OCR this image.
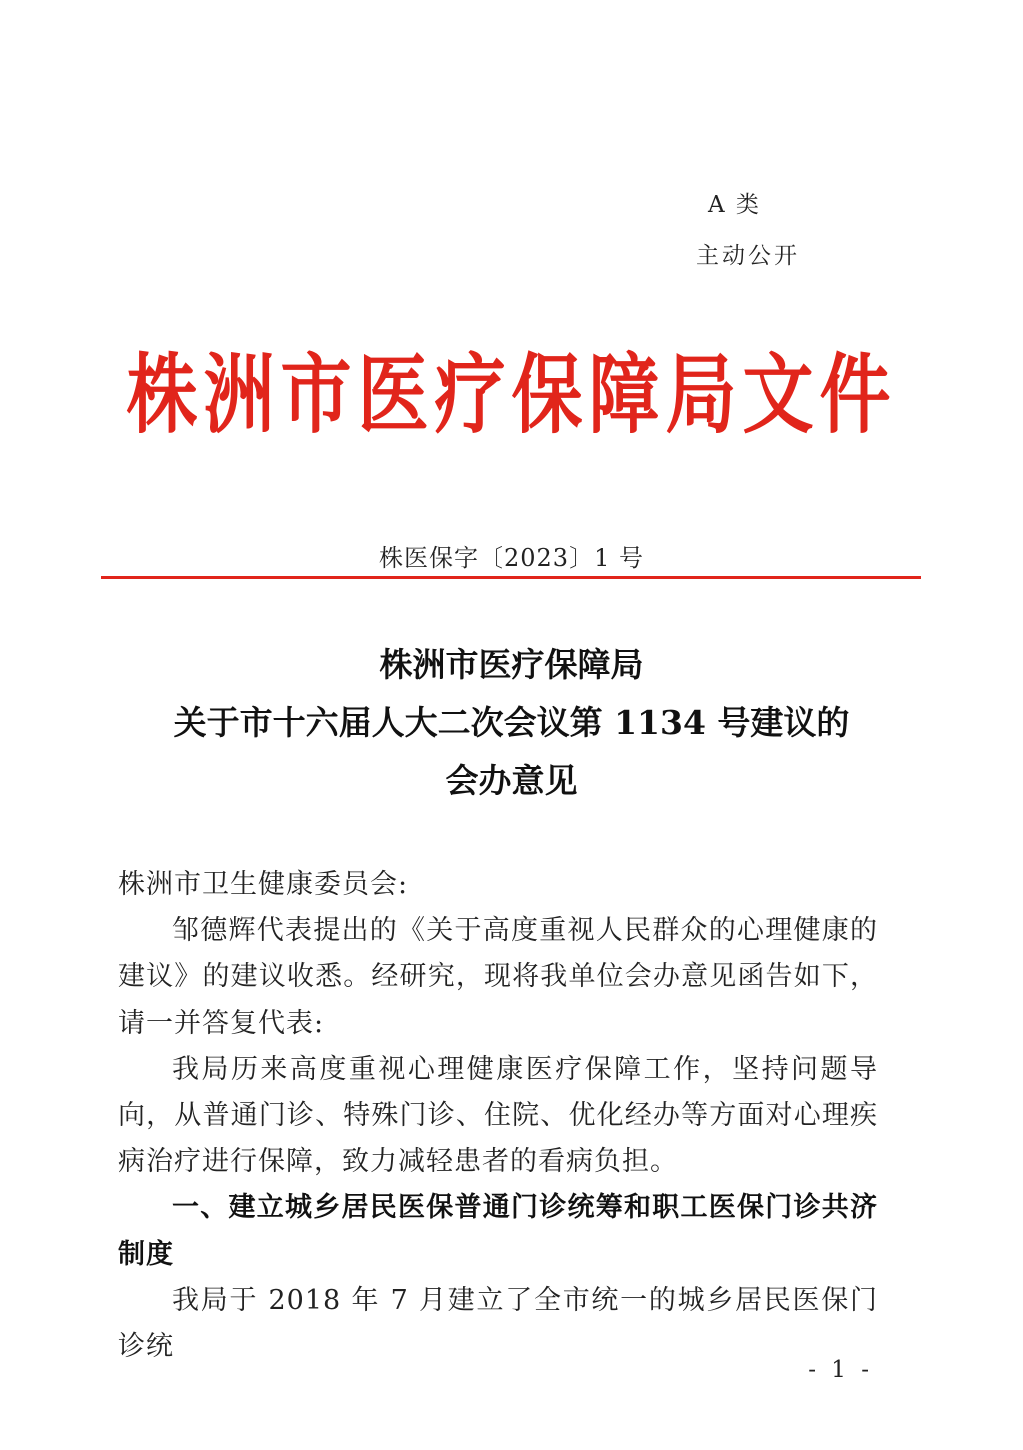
A 类
主动公开
株洲市医疗保障局文件
株医保字〔2023〕1 号
株洲市医疗保障局
关于市十六届人大二次会议第 1134 号建议的
会办意见

株洲市卫生健康委员会:

邹德辉代表提出的《关于高度重视人民群众的心理健康的建议》的建议收悉。经研究，现将我单位会办意见函告如下，请一并答复代表:

我局历来高度重视心理健康医疗保障工作，坚持问题导向，从普通门诊、特殊门诊、住院、优化经办等方面对心理疾病治疗进行保障，致力减轻患者的看病负担。

一、建立城乡居民医保普通门诊统筹和职工医保门诊共济制度

我局于 2018 年 7 月建立了全市统一的城乡居民医保门诊统

- 1 -
